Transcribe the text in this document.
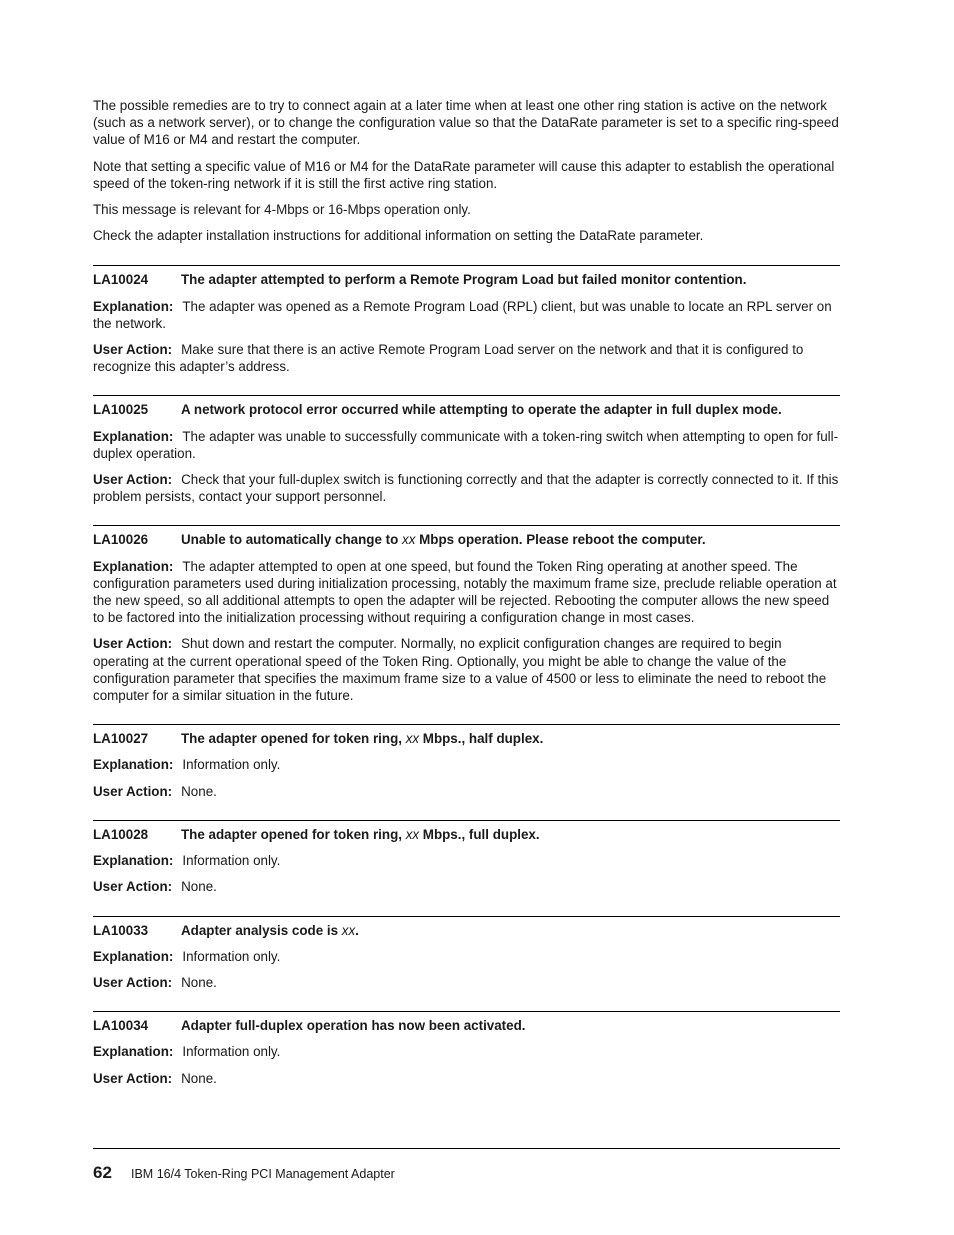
The possible remedies are to try to connect again at a later time when at least one other ring station is active on the network (such as a network server), or to change the configuration value so that the DataRate parameter is set to a specific ring-speed value of M16 or M4 and restart the computer.

Note that setting a specific value of M16 or M4 for the DataRate parameter will cause this adapter to establish the operational speed of the token-ring network if it is still the first active ring station.

This message is relevant for 4-Mbps or 16-Mbps operation only.

Check the adapter installation instructions for additional information on setting the DataRate parameter.

LA10024	The adapter attempted to perform a Remote Program Load but failed monitor contention.

Explanation: The adapter was opened as a Remote Program Load (RPL) client, but was unable to locate an RPL server on the network.

User Action: Make sure that there is an active Remote Program Load server on the network and that it is configured to recognize this adapter’s address.

LA10025	A network protocol error occurred while attempting to operate the adapter in full duplex mode.

Explanation: The adapter was unable to successfully communicate with a token-ring switch when attempting to open for full-duplex operation.

User Action: Check that your full-duplex switch is functioning correctly and that the adapter is correctly connected to it. If this problem persists, contact your support personnel.

LA10026	Unable to automatically change to xx Mbps operation. Please reboot the computer.

Explanation: The adapter attempted to open at one speed, but found the Token Ring operating at another speed. The configuration parameters used during initialization processing, notably the maximum frame size, preclude reliable operation at the new speed, so all additional attempts to open the adapter will be rejected. Rebooting the computer allows the new speed to be factored into the initialization processing without requiring a configuration change in most cases.

User Action: Shut down and restart the computer. Normally, no explicit configuration changes are required to begin operating at the current operational speed of the Token Ring. Optionally, you might be able to change the value of the configuration parameter that specifies the maximum frame size to a value of 4500 or less to eliminate the need to reboot the computer for a similar situation in the future.

LA10027	The adapter opened for token ring, xx Mbps., half duplex.

Explanation: Information only.

User Action: None.

LA10028	The adapter opened for token ring, xx Mbps., full duplex.

Explanation: Information only.

User Action: None.

LA10033	Adapter analysis code is xx.

Explanation: Information only.

User Action: None.

LA10034	Adapter full-duplex operation has now been activated.

Explanation: Information only.

User Action: None.

62	IBM 16/4 Token-Ring PCI Management Adapter
